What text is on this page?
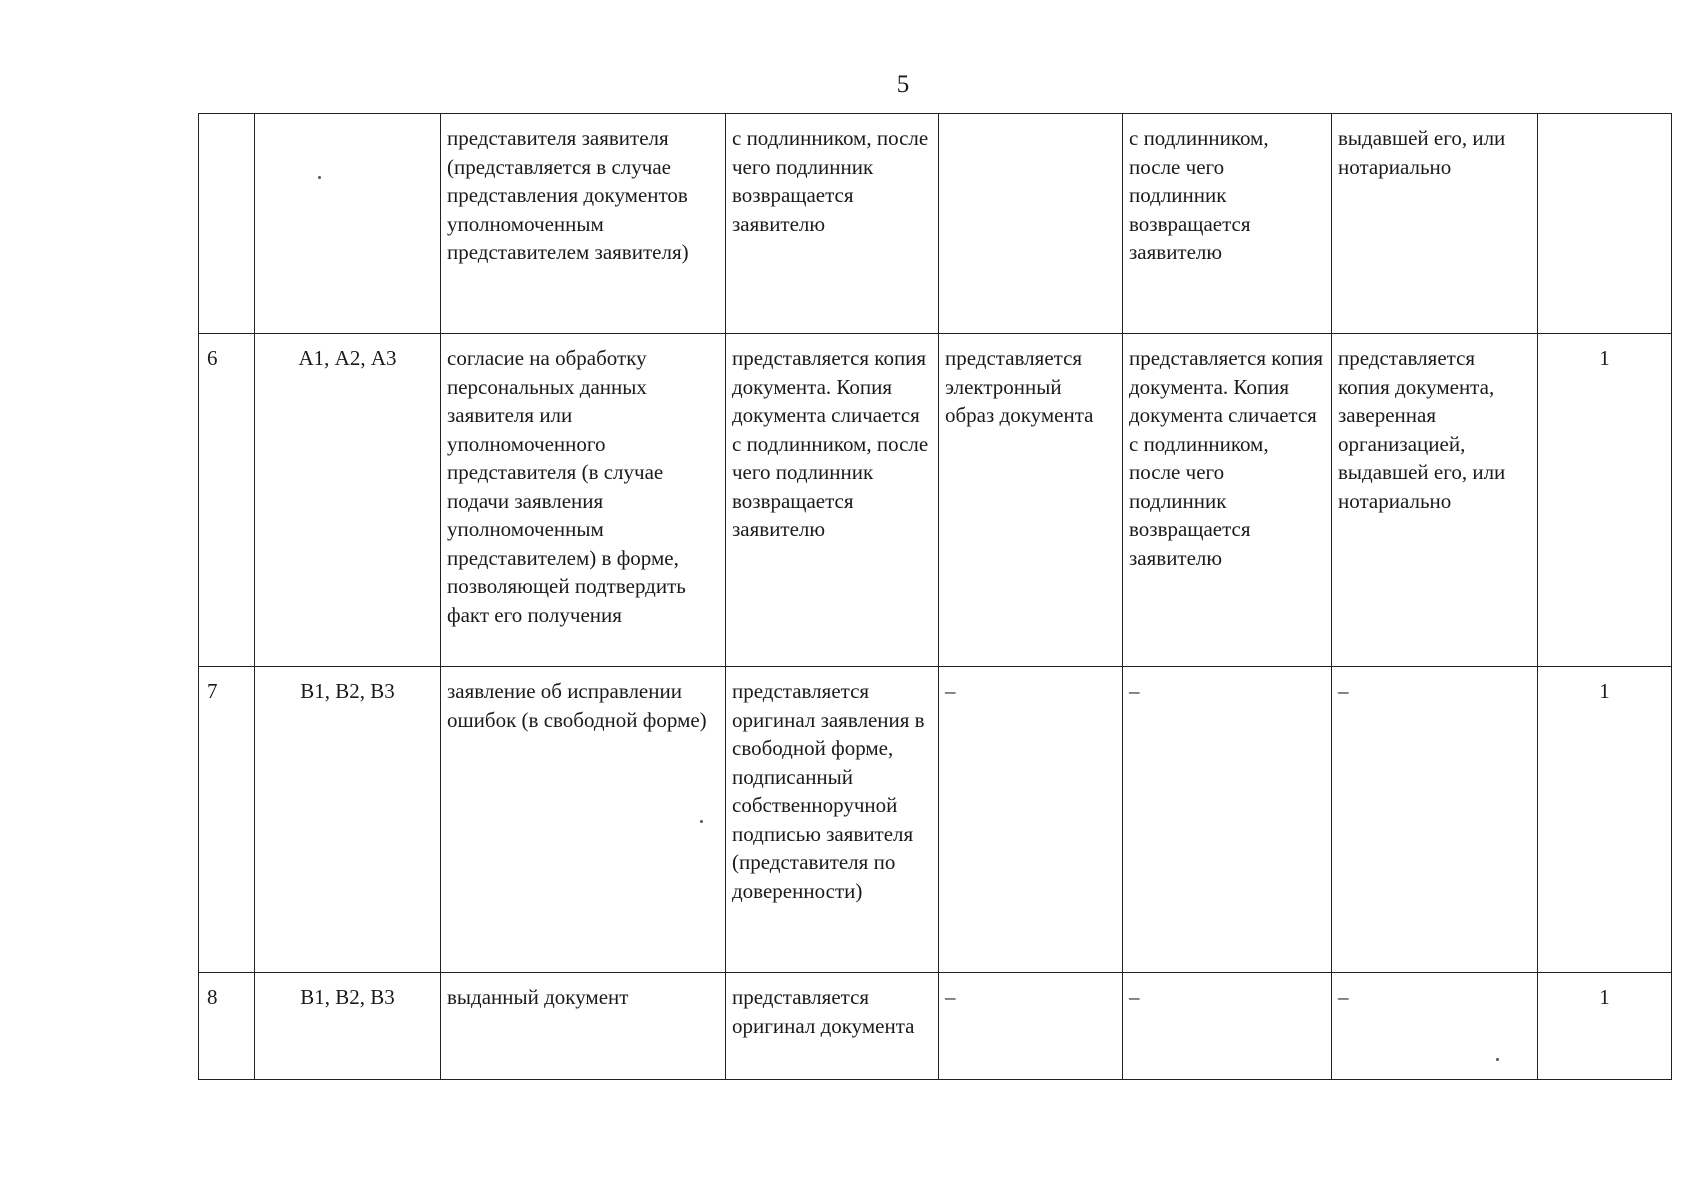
5
		представителя заявителя (представляется в случае представления документов уполномоченным представителем заявителя)	с подлинником, после чего подлинник возвращается заявителю		с подлинником, после чего подлинник возвращается заявителю	выдавшей его, или нотариально	
6	А1, А2, А3	согласие на обработку персональных данных заявителя или уполномоченного представителя (в случае подачи заявления уполномоченным представителем) в форме, позволяющей подтвердить факт его получения	представляется копия документа. Копия документа сличается с подлинником, после чего подлинник возвращается заявителю	представляется электронный образ документа	представляется копия документа. Копия документа сличается с подлинником, после чего подлинник возвращается заявителю	представляется копия документа, заверенная организацией, выдавшей его, или нотариально	1
7	В1, В2, В3	заявление об исправлении ошибок (в свободной форме)	представляется оригинал заявления в свободной форме, подписанный собственноручной подписью заявителя (представителя по доверенности)	–	–	–	1
8	В1, В2, В3	выданный документ	представляется оригинал документа	–	–	–	1
